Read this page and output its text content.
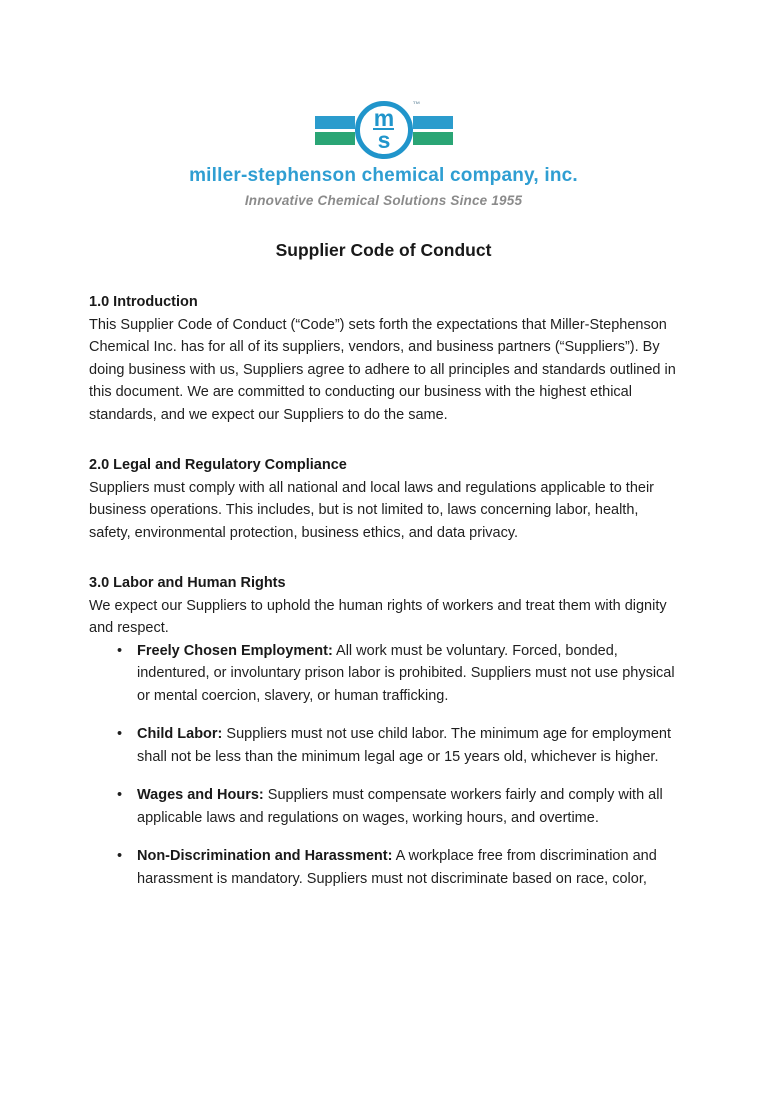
™
m
s
miller-stephenson chemical company, inc.
Innovative Chemical Solutions Since 1955
Supplier Code of Conduct
1.0 Introduction

This Supplier Code of Conduct (“Code”) sets forth the expectations that Miller-Stephenson Chemical Inc. has for all of its suppliers, vendors, and business partners (“Suppliers”). By doing business with us, Suppliers agree to adhere to all principles and standards outlined in this document. We are committed to conducting our business with the highest ethical standards, and we expect our Suppliers to do the same.

2.0 Legal and Regulatory Compliance

Suppliers must comply with all national and local laws and regulations applicable to their business operations. This includes, but is not limited to, laws concerning labor, health, safety, environmental protection, business ethics, and data privacy.

3.0 Labor and Human Rights

We expect our Suppliers to uphold the human rights of workers and treat them with dignity and respect.

• Freely Chosen Employment: All work must be voluntary. Forced, bonded, indentured, or involuntary prison labor is prohibited. Suppliers must not use physical or mental coercion, slavery, or human trafficking.
• Child Labor: Suppliers must not use child labor. The minimum age for employment shall not be less than the minimum legal age or 15 years old, whichever is higher.
• Wages and Hours: Suppliers must compensate workers fairly and comply with all applicable laws and regulations on wages, working hours, and overtime.
• Non-Discrimination and Harassment: A workplace free from discrimination and harassment is mandatory. Suppliers must not discriminate based on race, color,
